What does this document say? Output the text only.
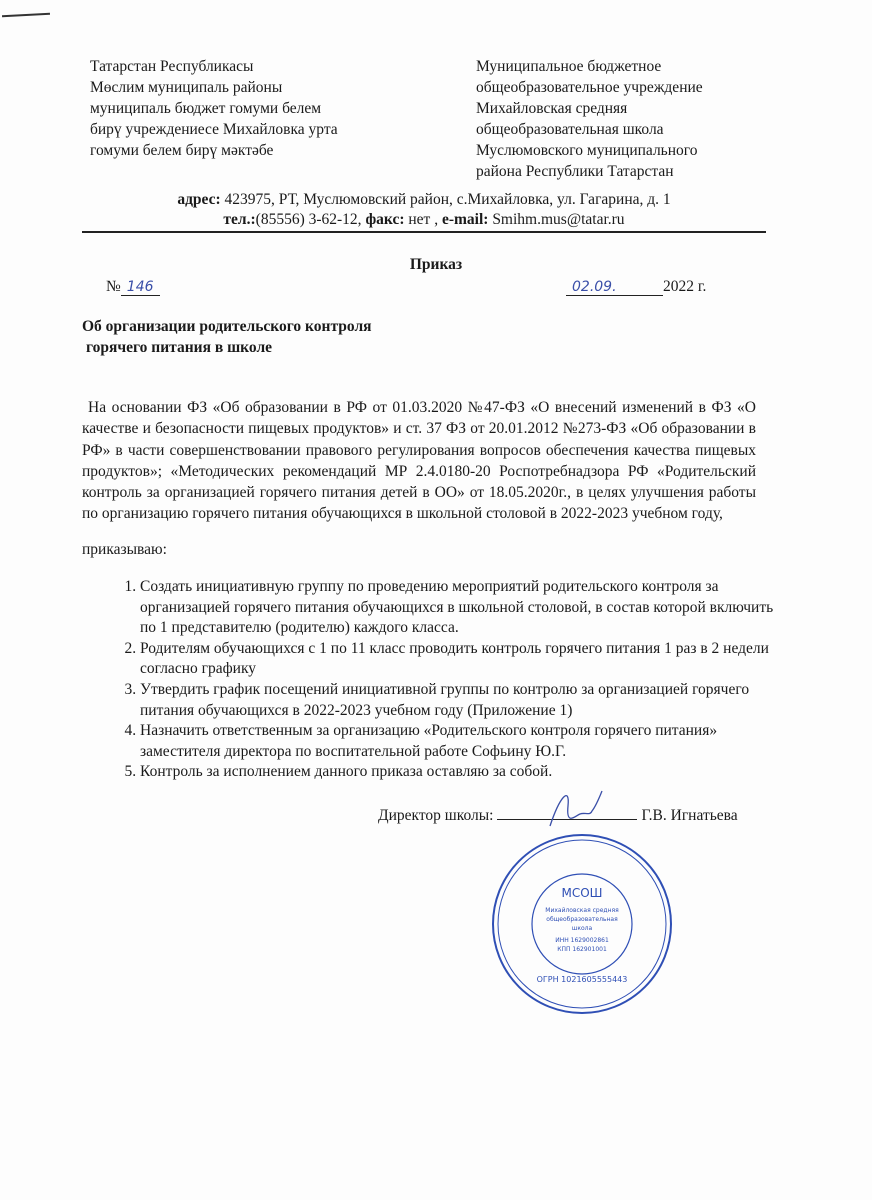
Татарстан Республикасы
Мөслим муниципаль районы
муниципаль бюджет гомуми белем
бирү учреждениесе Михайловка урта
гомуми белем бирү мәктәбе
Муниципальное бюджетное
общеобразовательное учреждение
Михайловская средняя
общеобразовательная школа
Муслюмовского муниципального
района Республики Татарстан
адрес: 423975, РТ, Муслюмовский район, с.Михайловка, ул. Гагарина, д. 1
тел.:(85556) 3-62-12, факс: нет , e-mail: Smihm.mus@tatar.ru
Приказ
№ 146	02.09.	2022 г.
Об организации родительского контроля
горячего питания в школе
На основании ФЗ «Об образовании в РФ от 01.03.2020 №47-ФЗ «О внесений изменений в ФЗ «О качестве и безопасности пищевых продуктов» и ст. 37 ФЗ от 20.01.2012 №273-ФЗ «Об образовании в РФ» в части совершенствовании правового регулирования вопросов обеспечения качества пищевых продуктов»; «Методических рекомендаций МР 2.4.0180-20 Роспотребнадзора РФ «Родительский контроль за организацией горячего питания детей в ОО» от 18.05.2020г., в целях улучшения работы по организацию горячего питания обучающихся в школьной столовой в 2022-2023 учебном году,
приказываю:
1. Создать инициативную группу по проведению мероприятий родительского контроля за организацией горячего питания обучающихся в школьной столовой, в состав которой включить по 1 представителю (родителю) каждого класса.
2. Родителям обучающихся с 1 по 11 класс проводить контроль горячего питания 1 раз в 2 недели согласно графику
3. Утвердить график посещений инициативной группы по контролю за организацией горячего питания обучающихся в 2022-2023 учебном году (Приложение 1)
4. Назначить ответственным за организацию «Родительского контроля горячего питания» заместителя директора по воспитательной работе Софьину Ю.Г.
5. Контроль за исполнением данного приказа оставляю за собой.
Директор школы:	Г.В. Игнатьева
МСОШ
Михайловская средняя
общеобразовательная
школа
ИНН 1629002861
КПП 162901001
ОГРН 1021605555443
